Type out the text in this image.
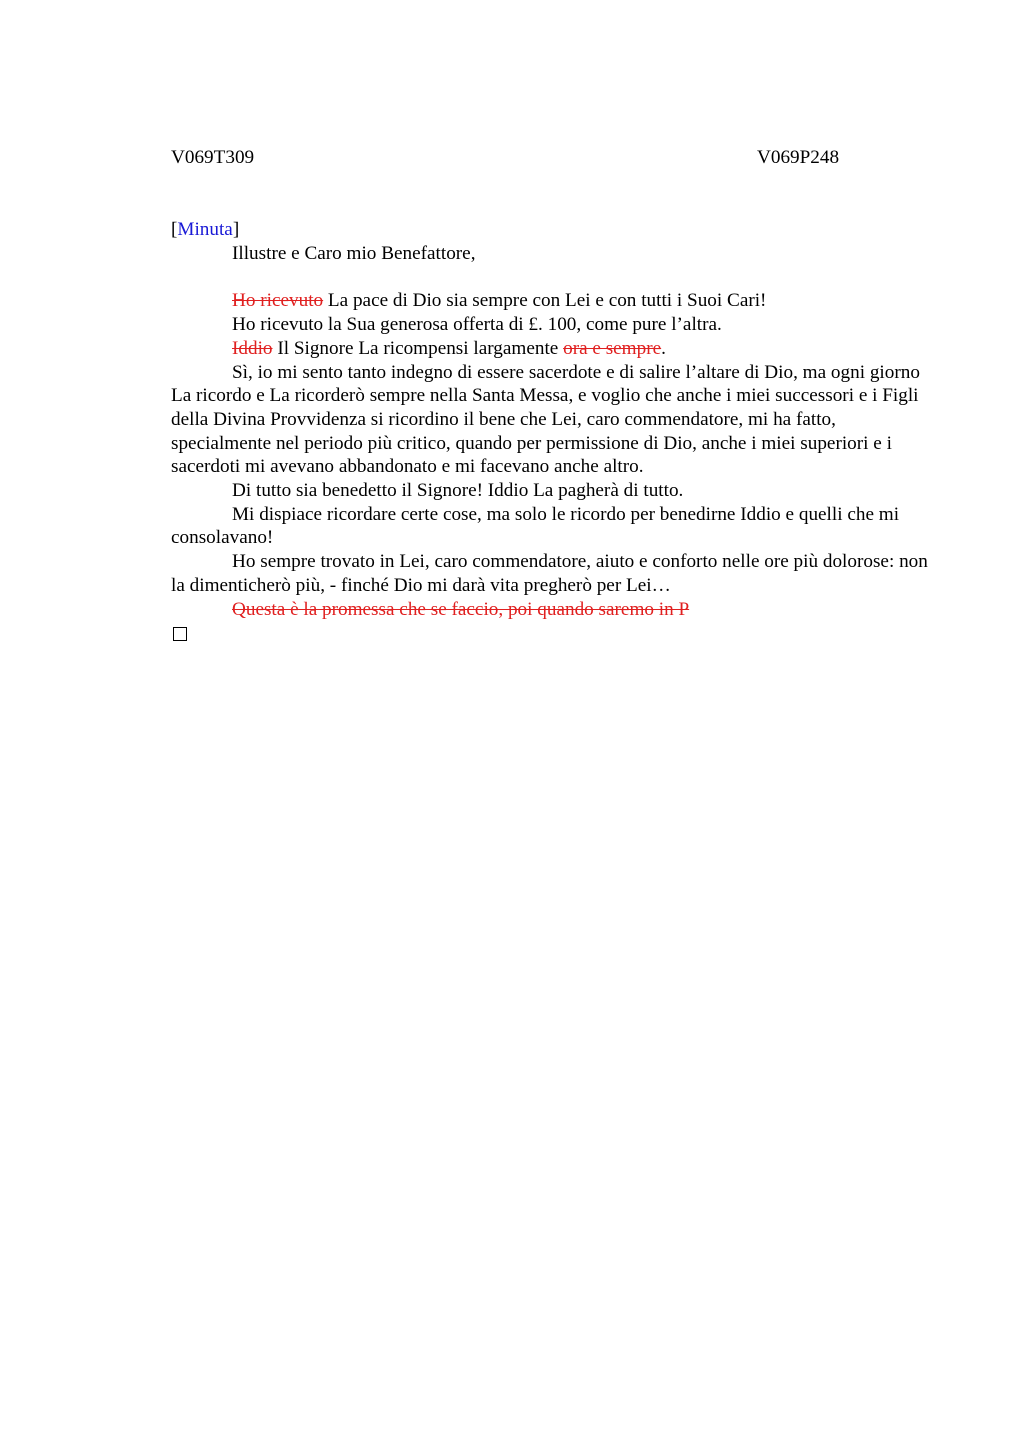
V069T309	V069P248
[Minuta]

Illustre e Caro mio Benefattore,

Ho ricevuto La pace di Dio sia sempre con Lei e con tutti i Suoi Cari!

Ho ricevuto la Sua generosa offerta di £. 100, come pure l’altra.

Iddio Il Signore La ricompensi largamente ora e sempre.

Sì, io mi sento tanto indegno di essere sacerdote e di salire l’altare di Dio, ma ogni giorno La ricordo e La ricorderò sempre nella Santa Messa, e voglio che anche i miei successori e i Figli della Divina Provvidenza si ricordino il bene che Lei, caro commendatore, mi ha fatto, specialmente nel periodo più critico, quando per permissione di Dio, anche i miei superiori e i sacerdoti mi avevano abbandonato e mi facevano anche altro.

Di tutto sia benedetto il Signore! Iddio La pagherà di tutto.

Mi dispiace ricordare certe cose, ma solo le ricordo per benedirne Iddio e quelli che mi consolavano!

Ho sempre trovato in Lei, caro commendatore, aiuto e conforto nelle ore più dolorose: non la dimenticherò più, - finché Dio mi darà vita pregherò per Lei…

Questa è la promessa che se faccio, poi quando saremo in P
